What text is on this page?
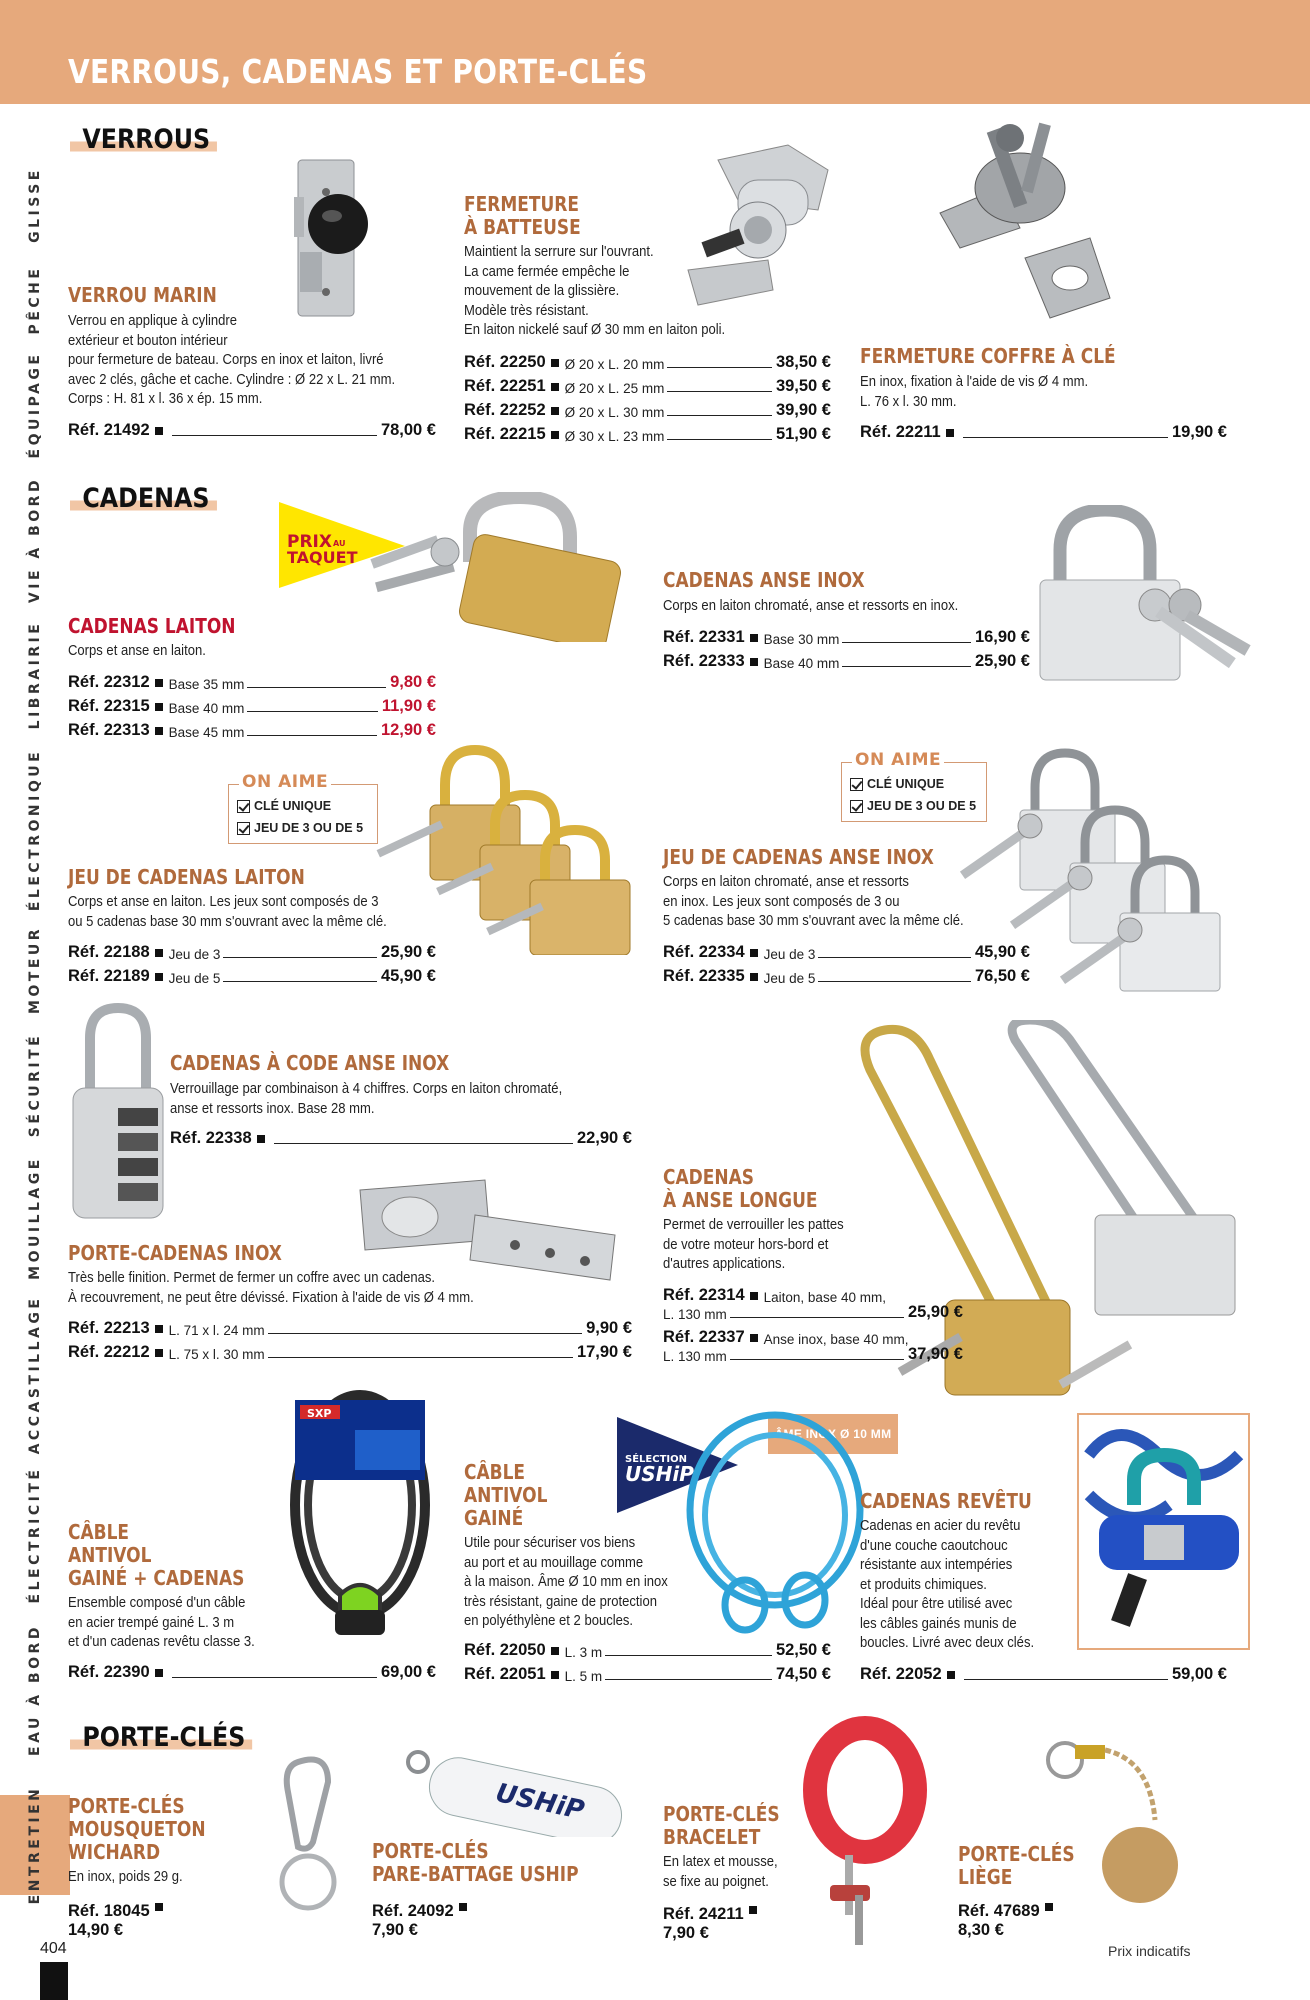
VERROUS, CADENAS ET PORTE-CLÉS
GLISSE
PÊCHE
ÉQUIPAGE
VIE À BORD
LIBRAIRIE
ÉLECTRONIQUE
MOTEUR
SÉCURITÉ
MOUILLAGE
ACCASTILLAGE
ÉLECTRICITÉ
EAU À BORD
ENTRETIEN
VERROUS
VERROU MARIN
Verrou en applique à cylindre
extérieur et bouton intérieur
pour fermeture de bateau. Corps en inox et laiton, livré
avec 2 clés, gâche et cache. Cylindre : Ø 22 x L. 21 mm.
Corps : H. 81 x l. 36 x ép. 15 mm.
Réf. 21492	78,00 €
FERMETURE
À BATTEUSE
Maintient la serrure sur l'ouvrant.
La came fermée empêche le
mouvement de la glissière.
Modèle très résistant.
En laiton nickelé sauf Ø 30 mm en laiton poli.
Réf. 22250 Ø 20 x L. 20 mm	38,50 €
Réf. 22251 Ø 20 x L. 25 mm	39,50 €
Réf. 22252 Ø 20 x L. 30 mm	39,90 €
Réf. 22215 Ø 30 x L. 23 mm	51,90 €
FERMETURE COFFRE À CLÉ
En inox, fixation à l'aide de vis Ø 4 mm.
L. 76 x l. 30 mm.
Réf. 22211	19,90 €
CADENAS
PRIX AU
TAQUET
CADENAS LAITON
Corps et anse en laiton.
Réf. 22312 Base 35 mm	9,80 €
Réf. 22315 Base 40 mm	11,90 €
Réf. 22313 Base 45 mm	12,90 €
CADENAS ANSE INOX
Corps en laiton chromaté, anse et ressorts en inox.
Réf. 22331 Base 30 mm	16,90 €
Réf. 22333 Base 40 mm	25,90 €
ON AIME
CLÉ UNIQUE
JEU DE 3 OU DE 5
JEU DE CADENAS LAITON
Corps et anse en laiton. Les jeux sont composés de 3
ou 5 cadenas base 30 mm s'ouvrant avec la même clé.
Réf. 22188 Jeu de 3	25,90 €
Réf. 22189 Jeu de 5	45,90 €
ON AIME
CLÉ UNIQUE
JEU DE 3 OU DE 5
JEU DE CADENAS ANSE INOX
Corps en laiton chromaté, anse et ressorts
en inox. Les jeux sont composés de 3 ou
5 cadenas base 30 mm s'ouvrant avec la même clé.
Réf. 22334 Jeu de 3	45,90 €
Réf. 22335 Jeu de 5	76,50 €
CADENAS À CODE ANSE INOX
Verrouillage par combinaison à 4 chiffres. Corps en laiton chromaté,
anse et ressorts inox. Base 28 mm.
Réf. 22338	22,90 €
PORTE-CADENAS INOX
Très belle finition. Permet de fermer un coffre avec un cadenas.
À recouvrement, ne peut être dévissé. Fixation à l'aide de vis Ø 4 mm.
Réf. 22213 L. 71 x l. 24 mm	9,90 €
Réf. 22212 L. 75 x l. 30 mm	17,90 €
CADENAS
À ANSE LONGUE
Permet de verrouiller les pattes
de votre moteur hors-bord et
d'autres applications.
Réf. 22314 Laiton, base 40 mm,
L. 130 mm	25,90 €
Réf. 22337 Anse inox, base 40 mm,
L. 130 mm	37,90 €
SXP
CÂBLE
ANTIVOL
GAINÉ + CADENAS
Ensemble composé d'un câble
en acier trempé gainé L. 3 m
et d'un cadenas revêtu classe 3.
Réf. 22390	69,00 €
SÉLECTION
USHiP
ÂME INOX Ø 10 MM
CÂBLE
ANTIVOL
GAINÉ
Utile pour sécuriser vos biens
au port et au mouillage comme
à la maison. Âme Ø 10 mm en inox
très résistant, gaine de protection
en polyéthylène et 2 boucles.
Réf. 22050 L. 3 m	52,50 €
Réf. 22051 L. 5 m	74,50 €
CADENAS REVÊTU
Cadenas en acier du revêtu
d'une couche caoutchouc
résistante aux intempéries
et produits chimiques.
Idéal pour être utilisé avec
les câbles gainés munis de
boucles. Livré avec deux clés.
Réf. 22052	59,00 €
PORTE-CLÉS
PORTE-CLÉS
MOUSQUETON
WICHARD
En inox, poids 29 g.
Réf. 18045
14,90 €
USHiP
PORTE-CLÉS
PARE-BATTAGE USHIP
Réf. 24092
7,90 €
PORTE-CLÉS
BRACELET
En latex et mousse,
se fixe au poignet.
Réf. 24211
7,90 €
PORTE-CLÉS
LIÈGE
Réf. 47689
8,30 €
404	Prix indicatifs
